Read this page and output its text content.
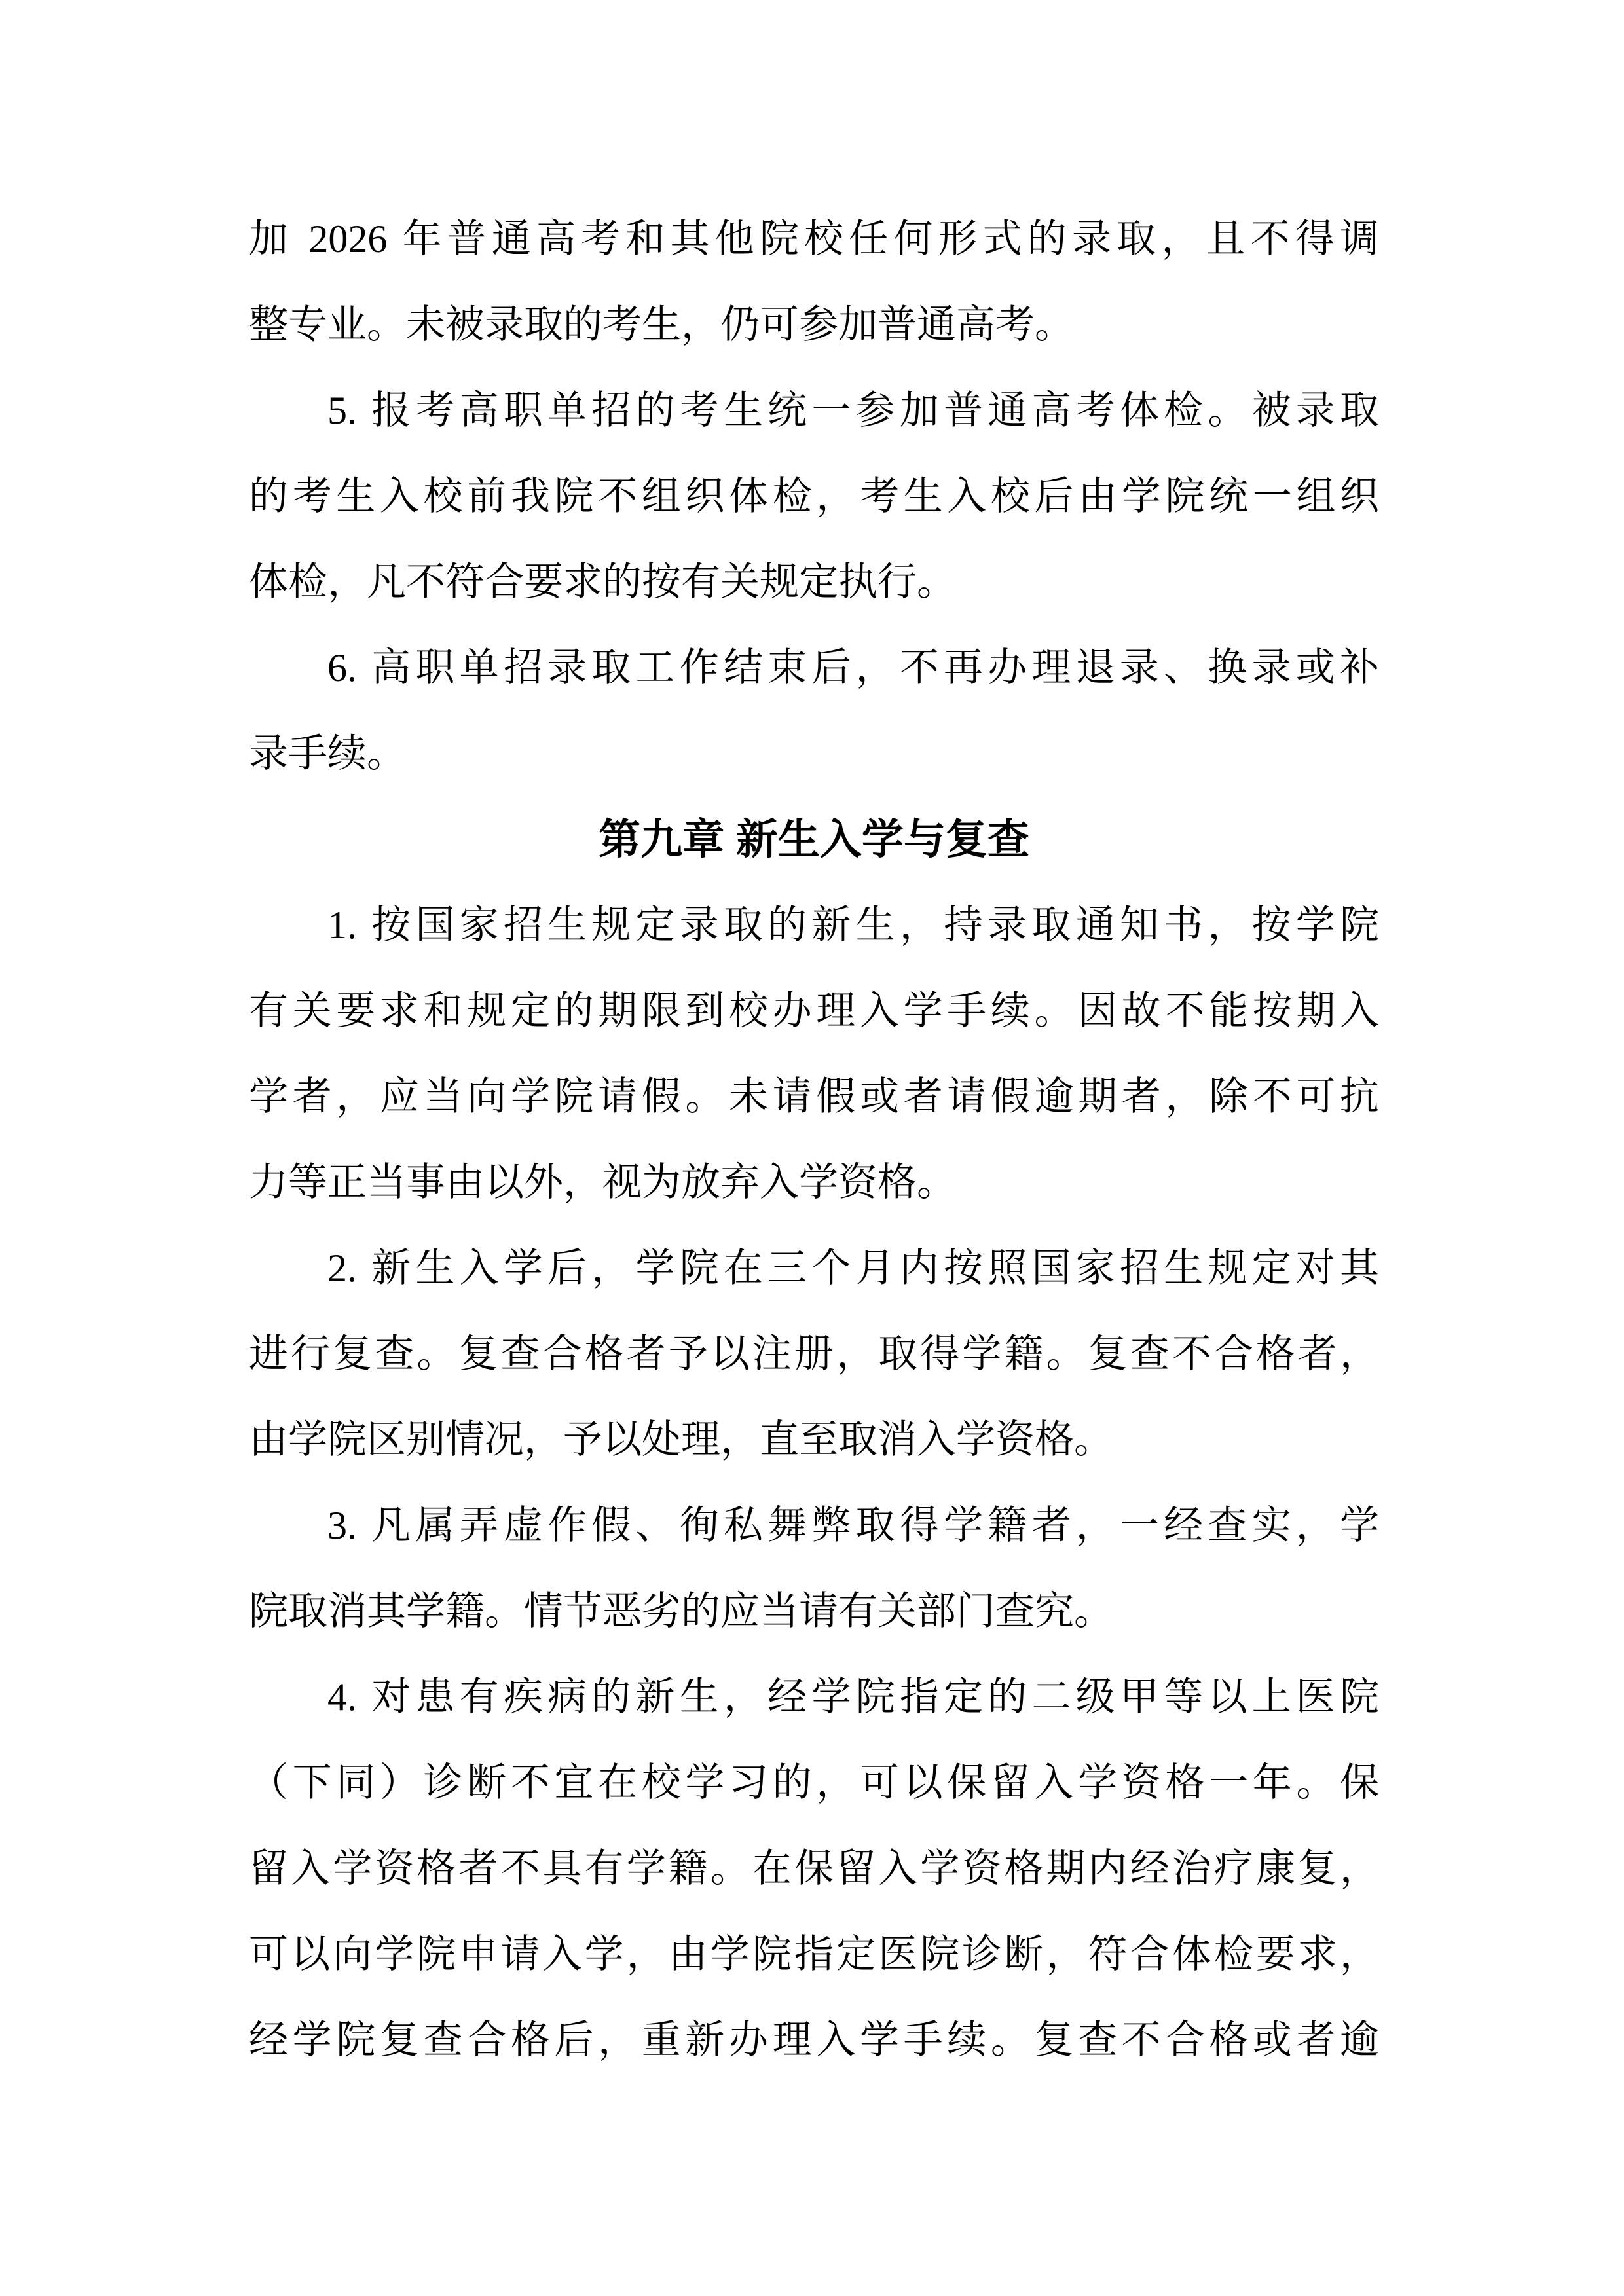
加 2026 年普通高考和其他院校任何形式的录取，且不得调
整专业。未被录取的考生，仍可参加普通高考。
5. 报考高职单招的考生统一参加普通高考体检。被录取
的考生入校前我院不组织体检，考生入校后由学院统一组织
体检，凡不符合要求的按有关规定执行。
6. 高职单招录取工作结束后，不再办理退录、换录或补
录手续。
第九章 新生入学与复查
1. 按国家招生规定录取的新生，持录取通知书，按学院
有关要求和规定的期限到校办理入学手续。因故不能按期入
学者，应当向学院请假。未请假或者请假逾期者，除不可抗
力等正当事由以外，视为放弃入学资格。
2. 新生入学后，学院在三个月内按照国家招生规定对其
进行复查。复查合格者予以注册，取得学籍。复查不合格者，
由学院区别情况，予以处理，直至取消入学资格。
3. 凡属弄虚作假、徇私舞弊取得学籍者，一经查实，学
院取消其学籍。情节恶劣的应当请有关部门查究。
4. 对患有疾病的新生，经学院指定的二级甲等以上医院
（下同）诊断不宜在校学习的，可以保留入学资格一年。保
留入学资格者不具有学籍。在保留入学资格期内经治疗康复，
可以向学院申请入学，由学院指定医院诊断，符合体检要求，
经学院复查合格后，重新办理入学手续。复查不合格或者逾
